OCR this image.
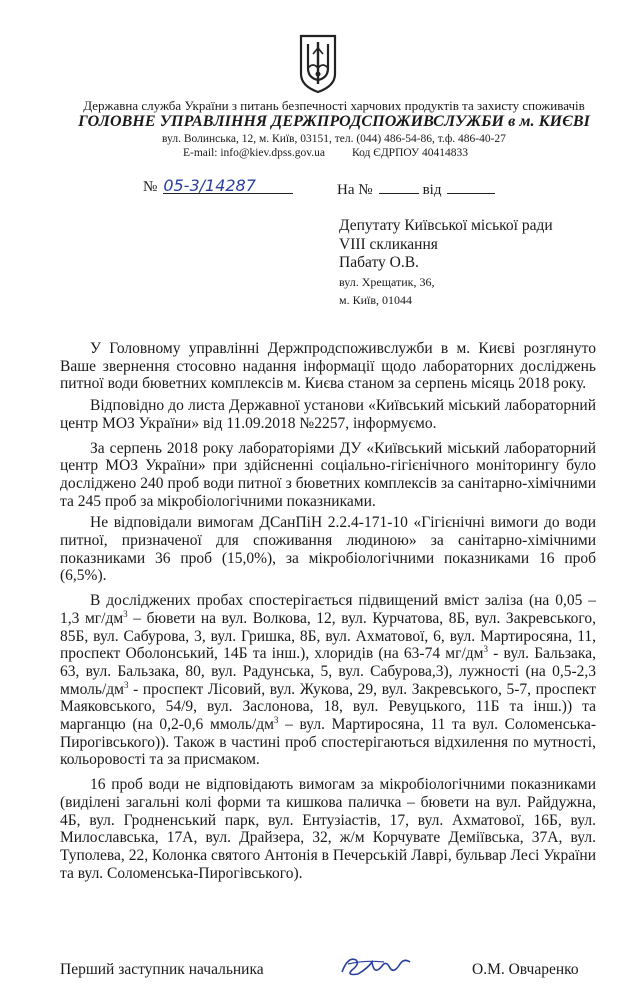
Державна служба України з питань безпечності харчових продуктів та захисту споживачів
ГОЛОВНЕ УПРАВЛІННЯ ДЕРЖПРОДСПОЖИВСЛУЖБИ в м. КИЄВІ
вул. Волинська, 12, м. Київ, 03151, тел. (044) 486-54-86, т.ф. 486-40-27
E-mail: info@kiev.dpss.gov.ua Код ЄДРПОУ 40414833
№ 05-3/14287	На №	від
Депутату Київської міської ради
VIII скликання
Пабату О.В.
вул. Хрещатик, 36,
м. Київ, 01044

У Головному управлінні Держпродспоживслужби в м. Києві розглянуто Ваше звернення стосовно надання інформації щодо лабораторних досліджень питної води бюветних комплексів м. Києва станом за серпень місяць 2018 року.

Відповідно до листа Державної установи «Київський міський лабораторний центр МОЗ України» від 11.09.2018 №2257, інформуємо.

За серпень 2018 року лабораторіями ДУ «Київський міський лабораторний центр МОЗ України» при здійсненні соціально-гігієнічного моніторингу було досліджено 240 проб води питної з бюветних комплексів за санітарно-хімічними та 245 проб за мікробіологічними показниками.

Не відповідали вимогам ДСанПіН 2.2.4-171-10 «Гігієнічні вимоги до води питної, призначеної для споживання людиною» за санітарно-хімічними показниками 36 проб (15,0%), за мікробіологічними показниками 16 проб (6,5%).

В досліджених пробах спостерігається підвищений вміст заліза (на 0,05 – 1,3 $мг/дм^3$ – бювети на вул. Волкова, 12, вул. Курчатова, 8Б, вул. Закревського, 85Б, вул. Сабурова, 3, вул. Гришка, 8Б, вул. Ахматової, 6, вул. Мартиросяна, 11, проспект Оболонський, 14Б та інш.), хлоридів (на 63-74 $мг/дм^3$ - вул. Бальзака, 63, вул. Бальзака, 80, вул. Радунська, 5, вул. Сабурова,3), лужності (на 0,5-2,3 ммоль/$дм^3$ - проспект Лісовий, вул. Жукова, 29, вул. Закревського, 5-7, проспект Маяковського, 54/9, вул. Заслонова, 18, вул. Ревуцького, 11Б та інш.)) та марганцю (на 0,2-0,6 ммоль/$дм^3$ – вул. Мартиросяна, 11 та вул. Соломенська-Пирогівського)). Також в частині проб спостерігаються відхилення по мутності, кольоровості та за присмаком.

16 проб води не відповідають вимогам за мікробіологічними показниками (виділені загальні колі форми та кишкова паличка – бювети на вул. Райдужна, 4Б, вул. Гродненський парк, вул. Ентузіастів, 17, вул. Ахматової, 16Б, вул. Милославська, 17А, вул. Драйзера, 32, ж/м Корчувате Деміївська, 37А, вул. Туполева, 22, Колонка святого Антонія в Печерській Лаврі, бульвар Лесі України та вул. Соломенська-Пирогівського).

Перший заступник начальника	О.М. Овчаренко
